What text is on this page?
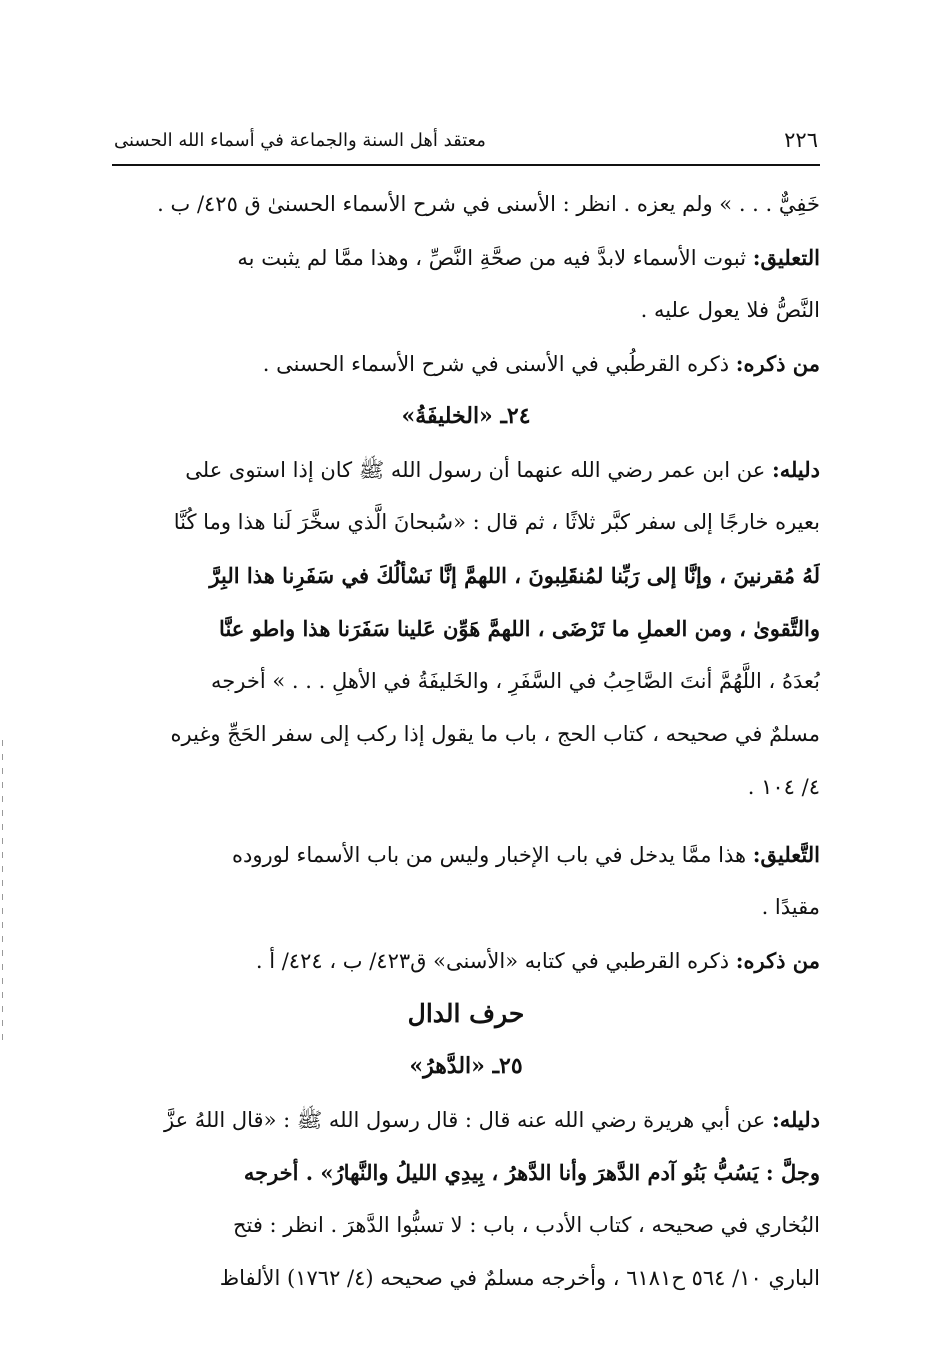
٢٢٦
معتقد أهل السنة والجماعة في أسماء الله الحسنى
خَفِيٌّ . . . » ولم يعزه . انظر : الأسنى في شرح الأسماء الحسنىٰ ق ٤٢٥/ ب .
التعليق: ثبوت الأسماء لابدَّ فيه من صحَّةِ النَّصِّ ، وهذا ممَّا لم يثبت به
النَّصُّ فلا يعول عليه .
من ذكره: ذكره القرطُبي في الأسنى في شرح الأسماء الحسنى .
٢٤ـ «الخليفَةُ»
دليله: عن ابن عمر رضي الله عنهما أن رسول الله ﷺ كان إذا استوى على
بعيره خارجًا إلى سفر كبَّر ثلاثًا ، ثم قال : «سُبحانَ الَّذي سخَّرَ لَنا هذا وما كُنَّا
لَهُ مُقرنينَ ، وإنَّا إلى رَبِّنا لمُنقَلِبونَ ، اللهمَّ إنَّا نَسْألُكَ في سَفَرِنا هذا البِرَّ
والتَّقوىٰ ، ومن العملِ ما تَرْضَى ، اللهمَّ هَوِّن عَلينا سَفَرَنا هذا واطو عنَّا
بُعدَهُ ، اللَّهُمَّ أنتَ الصَّاحِبُ في السَّفَرِ ، والخَليفَةُ في الأهلِ . . . » أخرجه
مسلمٌ في صحيحه ، كتاب الحج ، باب ما يقول إذا ركب إلى سفر الحَجِّ وغيره
٤/ ١٠٤ .
التَّعليق: هذا ممَّا يدخل في باب الإخبار وليس من باب الأسماء لوروده
مقيدًا .
من ذكره: ذكره القرطبي في كتابه «الأسنى» ق٤٢٣/ ب ، ٤٢٤/ أ .
حرف الدال
٢٥ـ «الدَّهرُ»
دليله: عن أبي هريرة رضي الله عنه قال : قال رسول الله ﷺ : «قال اللهُ عزَّ
وجلَّ : يَسُبُّ بَنُو آدم الدَّهرَ وأنا الدَّهرُ ، بِيدِي الليلُ والنَّهارُ» . أخرجه
البُخاري في صحيحه ، كتاب الأدب ، باب : لا تسبُّوا الدَّهرَ . انظر : فتح
الباري ١٠/ ٥٦٤ ح٦١٨١ ، وأخرجه مسلمٌ في صحيحه (٤/ ١٧٦٢) الألفاظ
